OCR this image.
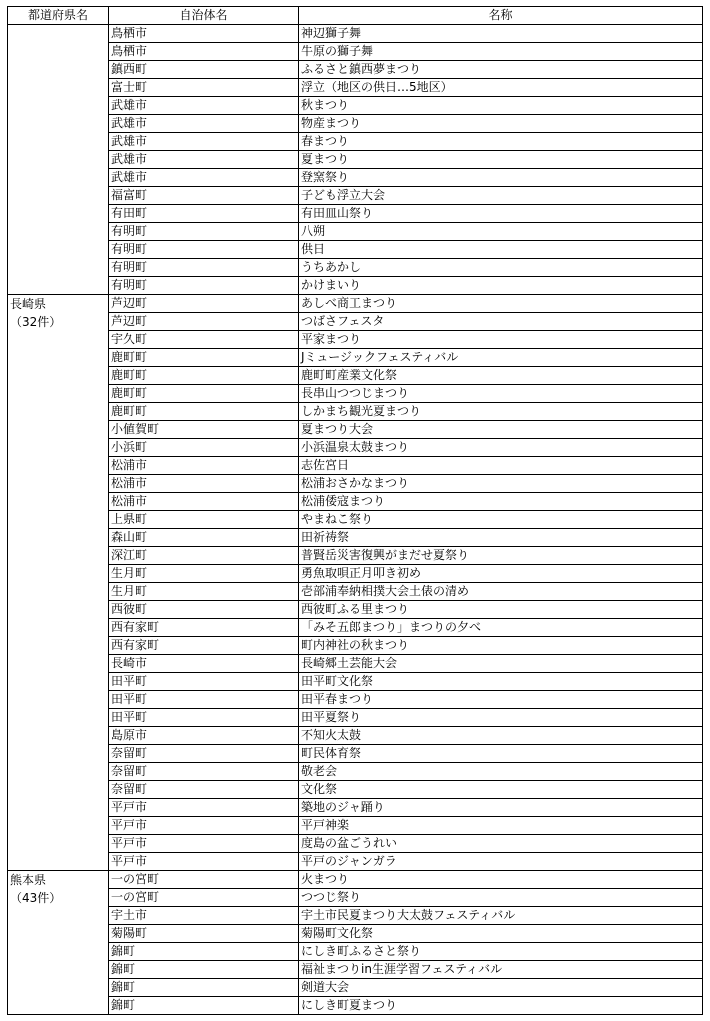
都道府県名	自治体名	名称

	鳥栖市	神辺獅子舞
	鳥栖市	牛原の獅子舞
	鎮西町	ふるさと鎮西夢まつり
	富士町	浮立（地区の供日…5地区）
	武雄市	秋まつり
	武雄市	物産まつり
	武雄市	春まつり
	武雄市	夏まつり
	武雄市	登窯祭り
	福富町	子ども浮立大会
	有田町	有田皿山祭り
	有明町	八朔
	有明町	供日
	有明町	うちあかし
	有明町	かけまいり

長崎県
（32件）	芦辺町	あしべ商工まつり
	芦辺町	つばさフェスタ
	宇久町	平家まつり
	鹿町町	Jミュージックフェスティバル
	鹿町町	鹿町町産業文化祭
	鹿町町	長串山つつじまつり
	鹿町町	しかまち観光夏まつり
	小値賀町	夏まつり大会
	小浜町	小浜温泉太鼓まつり
	松浦市	志佐宮日
	松浦市	松浦おさかなまつり
	松浦市	松浦倭寇まつり
	上県町	やまねこ祭り
	森山町	田祈祷祭
	深江町	普賢岳災害復興がまだせ夏祭り
	生月町	勇魚取唄正月叩き初め
	生月町	壱部浦奉納相撲大会土俵の清め
	西彼町	西彼町ふる里まつり
	西有家町	「みそ五郎まつり」まつりの夕べ
	西有家町	町内神社の秋まつり
	長崎市	長崎郷土芸能大会
	田平町	田平町文化祭
	田平町	田平春まつり
	田平町	田平夏祭り
	島原市	不知火太鼓
	奈留町	町民体育祭
	奈留町	敬老会
	奈留町	文化祭
	平戸市	築地のジャ踊り
	平戸市	平戸神楽
	平戸市	度島の盆ごうれい
	平戸市	平戸のジャンガラ

熊本県
（43件）	一の宮町	火まつり
	一の宮町	つつじ祭り
	宇土市	宇土市民夏まつり大太鼓フェスティバル
	菊陽町	菊陽町文化祭
	錦町	にしき町ふるさと祭り
	錦町	福祉まつりin生涯学習フェスティバル
	錦町	剣道大会
	錦町	にしき町夏まつり
